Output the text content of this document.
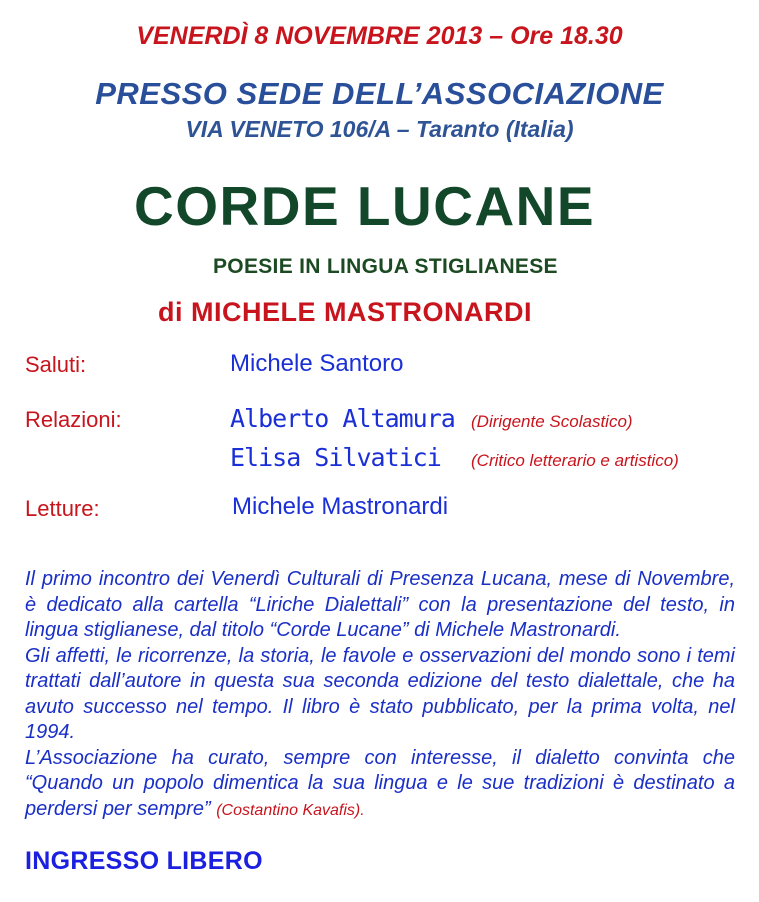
VENERDÌ 8 NOVEMBRE 2013 – Ore 18.30
PRESSO SEDE DELL’ASSOCIAZIONE
VIA VENETO 106/A – Taranto (Italia)
CORDE LUCANE
POESIE IN LINGUA STIGLIANESE
di MICHELE MASTRONARDI
Saluti:	Michele Santoro
Relazioni:	Alberto Altamura (Dirigente Scolastico)
Elisa Silvatici (Critico letterario e artistico)
Letture:	Michele Mastronardi

Il primo incontro dei Venerdì Culturali di Presenza Lucana, mese di Novembre, è dedicato alla cartella “Liriche Dialettali” con la presentazione del testo, in lingua stiglianese, dal titolo “Corde Lucane” di Michele Mastronardi.

Gli affetti, le ricorrenze, la storia, le favole e osservazioni del mondo sono i temi trattati dall’autore in questa sua seconda edizione del testo dialettale, che ha avuto successo nel tempo. Il libro è stato pubblicato, per la prima volta, nel 1994.

L’Associazione ha curato, sempre con interesse, il dialetto convinta che “Quando un popolo dimentica la sua lingua e le sue tradizioni è destinato a perdersi per sempre” (Costantino Kavafis).

INGRESSO LIBERO
